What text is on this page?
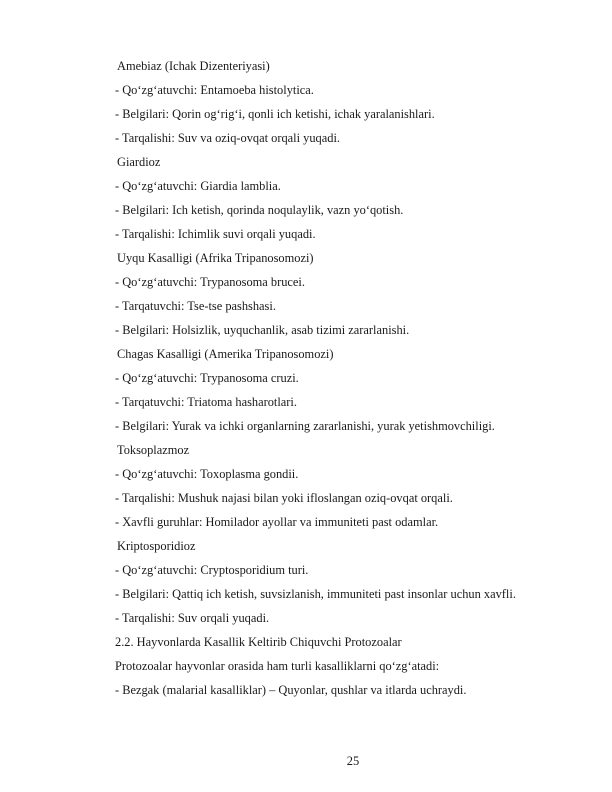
Amebiaz (Ichak Dizenteriyasi)
- Qo‘zg‘atuvchi: Entamoeba histolytica.
- Belgilari: Qorin og‘rig‘i, qonli ich ketishi, ichak yaralanishlari.
- Tarqalishi: Suv va oziq-ovqat orqali yuqadi.
Giardioz
- Qo‘zg‘atuvchi: Giardia lamblia.
- Belgilari: Ich ketish, qorinda noqulaylik, vazn yo‘qotish.
- Tarqalishi: Ichimlik suvi orqali yuqadi.
Uyqu Kasalligi (Afrika Tripanosomozi)
- Qo‘zg‘atuvchi: Trypanosoma brucei.
- Tarqatuvchi: Tse-tse pashshasi.
- Belgilari: Holsizlik, uyquchanlik, asab tizimi zararlanishi.
Chagas Kasalligi (Amerika Tripanosomozi)
- Qo‘zg‘atuvchi: Trypanosoma cruzi.
- Tarqatuvchi: Triatoma hasharotlari.
- Belgilari: Yurak va ichki organlarning zararlanishi, yurak yetishmovchiligi.
Toksoplazmoz
- Qo‘zg‘atuvchi: Toxoplasma gondii.
- Tarqalishi: Mushuk najasi bilan yoki ifloslangan oziq-ovqat orqali.
- Xavfli guruhlar: Homilador ayollar va immuniteti past odamlar.
Kriptosporidioz
- Qo‘zg‘atuvchi: Cryptosporidium turi.
- Belgilari: Qattiq ich ketish, suvsizlanish, immuniteti past insonlar uchun xavfli.
- Tarqalishi: Suv orqali yuqadi.
2.2. Hayvonlarda Kasallik Keltirib Chiquvchi Protozoalar
Protozoalar hayvonlar orasida ham turli kasalliklarni qo‘zg‘atadi:
- Bezgak (malarial kasalliklar) – Quyonlar, qushlar va itlarda uchraydi.
25
